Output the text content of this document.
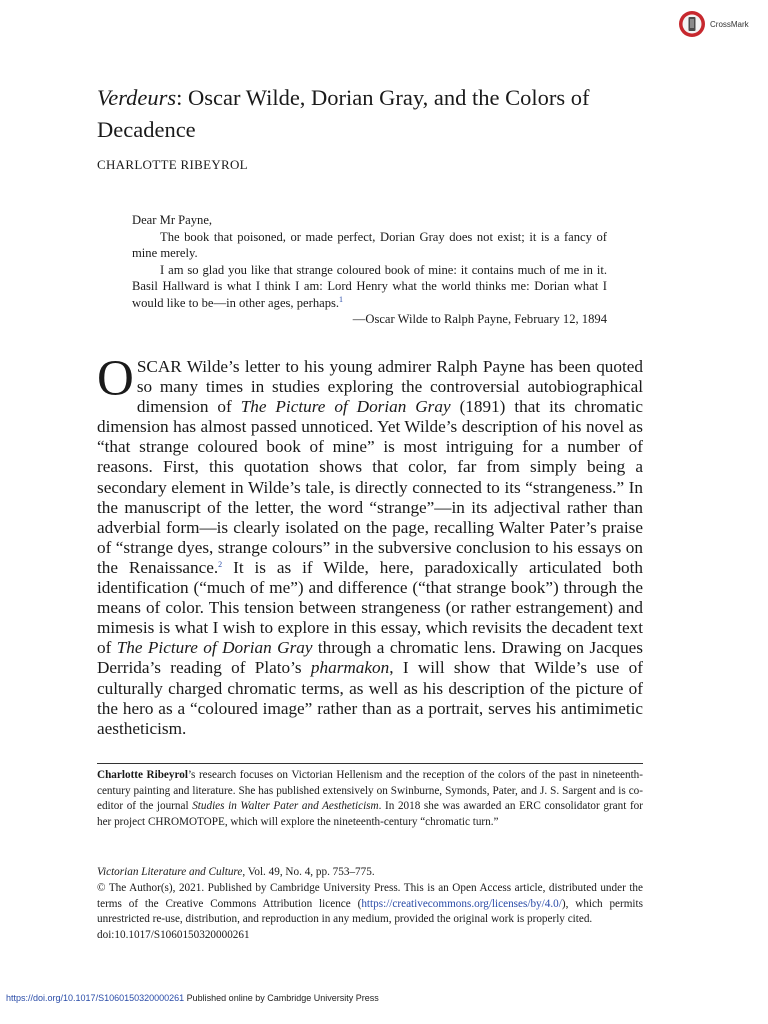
CrossMark
Verdeurs: Oscar Wilde, Dorian Gray, and the Colors of Decadence
CHARLOTTE RIBEYROL

Dear Mr Payne,

The book that poisoned, or made perfect, Dorian Gray does not exist; it is a fancy of mine merely.

I am so glad you like that strange coloured book of mine: it contains much of me in it. Basil Hallward is what I think I am: Lord Henry what the world thinks me: Dorian what I would like to be—in other ages, perhaps.$^1$

—Oscar Wilde to Ralph Payne, February 12, 1894

OSCAR Wilde’s letter to his young admirer Ralph Payne has been quoted so many times in studies exploring the controversial autobiographical dimension of The Picture of Dorian Gray (1891) that its chromatic dimension has almost passed unnoticed. Yet Wilde’s description of his novel as “that strange coloured book of mine” is most intriguing for a number of reasons. First, this quotation shows that color, far from simply being a secondary element in Wilde’s tale, is directly connected to its “strangeness.” In the manuscript of the letter, the word “strange”—in its adjectival rather than adverbial form—is clearly isolated on the page, recalling Walter Pater’s praise of “strange dyes, strange colours” in the subversive conclusion to his essays on the Renaissance.$^2$ It is as if Wilde, here, paradoxically articulated both identification (“much of me”) and difference (“that strange book”) through the means of color. This tension between strangeness (or rather estrangement) and mimesis is what I wish to explore in this essay, which revisits the decadent text of The Picture of Dorian Gray through a chromatic lens. Drawing on Jacques Derrida’s reading of Plato’s pharmakon, I will show that Wilde’s use of culturally charged chromatic terms, as well as his description of the picture of the hero as a “coloured image” rather than as a portrait, serves his antimimetic aestheticism.

Charlotte Ribeyrol’s research focuses on Victorian Hellenism and the reception of the colors of the past in nineteenth-century painting and literature. She has published extensively on Swinburne, Symonds, Pater, and J. S. Sargent and is co-editor of the journal Studies in Walter Pater and Aestheticism. In 2018 she was awarded an ERC consolidator grant for her project CHROMOTOPE, which will explore the nineteenth-century “chromatic turn.”

Victorian Literature and Culture, Vol. 49, No. 4, pp. 753–775.
© The Author(s), 2021. Published by Cambridge University Press. This is an Open Access article, distributed under the terms of the Creative Commons Attribution licence (https://creativecommons.org/licenses/by/4.0/), which permits unrestricted re-use, distribution, and reproduction in any medium, provided the original work is properly cited.
doi:10.1017/S1060150320000261
https://doi.org/10.1017/S1060150320000261 Published online by Cambridge University Press
